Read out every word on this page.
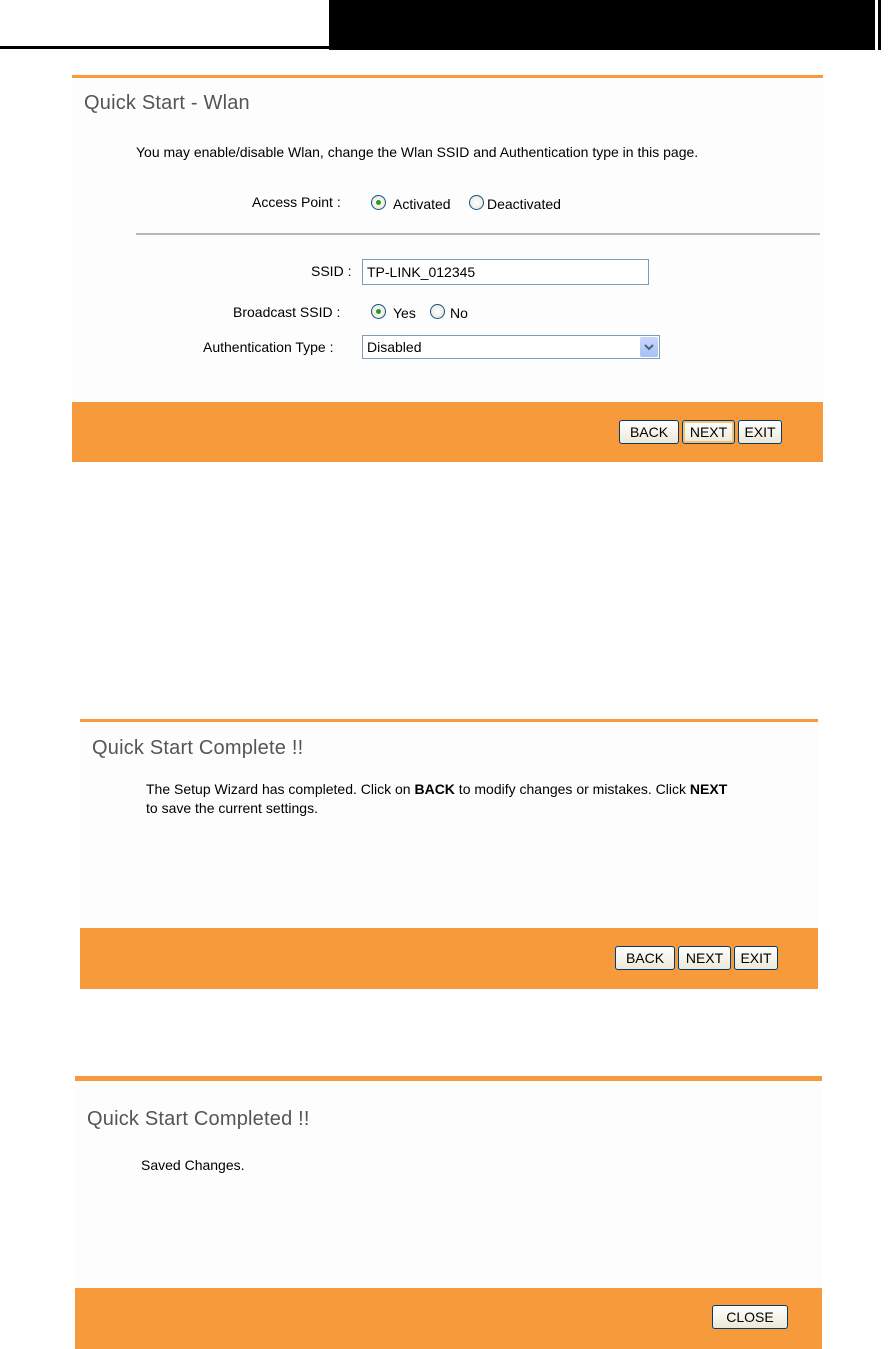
Quick Start - Wlan
You may enable/disable Wlan, change the Wlan SSID and Authentication type in this page.
Access Point :	Activated	Deactivated
SSID :	TP-LINK_012345
Broadcast SSID :	Yes No
Authentication Type :	Disabled
BACK	NEXT	EXIT
Quick Start Complete !!
The Setup Wizard has completed. Click on BACK to modify changes or mistakes. Click NEXT
to save the current settings.
BACK	NEXT	EXIT
Quick Start Completed !!
Saved Changes.
CLOSE
